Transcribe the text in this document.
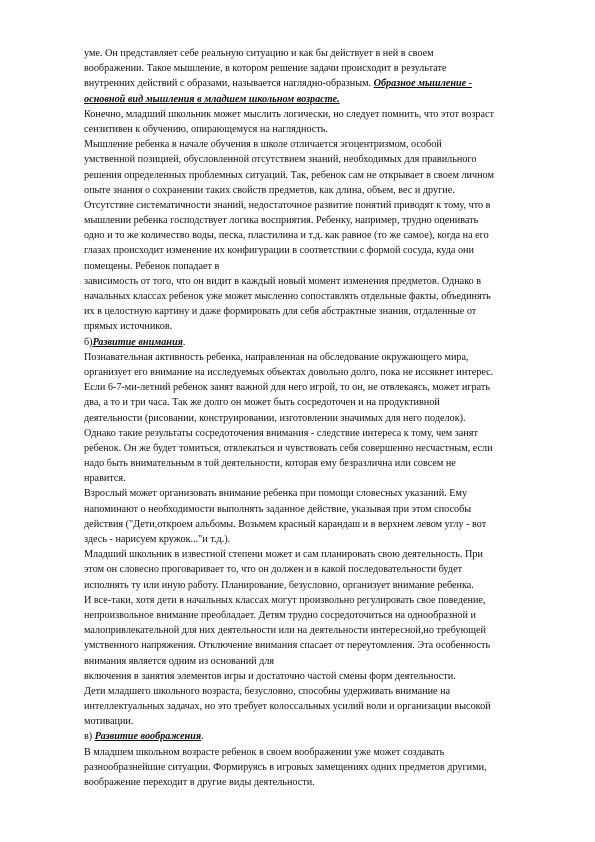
уме. Он представляет себе реальную ситуацию и как бы действует в ней в своем
воображении. Такое мышление, в котором решение задачи происходит в результате
внутренних действий с образами, называется наглядно-образным. Образное мышление -
основной вид мышления в младшем школьном возрасте.
Конечно, младший школьник может мыслить логически, но следует помнить, что этот возраст
сензитивен к обучению, опирающемуся на наглядность.
Мышление ребенка в начале обучения в школе отличается эгоцентризмом, особой
умственной позицией, обусловленной отсутствием знаний, необходимых для правильного
решения определенных проблемных ситуаций. Так, ребенок сам не открывает в своем личном
опыте знания о сохранении таких свойств предметов, как длина, объем, вес и другие.
Отсутствие систематичности знаний, недостаточное развитие понятий приводят к тому, что в
мышлении ребенка господствует логика восприятия. Ребенку, например, трудно оценивать
одно и то же количество воды, песка, пластилина и т.д. как равное (то же самое), когда на его
глазах происходит изменение их конфигурации в соответствии с формой сосуда, куда они
помещены. Ребенок попадает в
зависимость от того, что он видит в каждый новый момент изменения предметов. Однако в
начальных классах ребенок уже может мысленно сопоставлять отдельные факты, объединять
их в целостную картину и даже формировать для себя абстрактные знания, отдаленные от
прямых источников.
б)Развитие внимания.
Познавательная активность ребенка, направленная на обследование окружающего мира,
организует его внимание на исследуемых объектах довольно долго, пока не иссякнет интерес.
Если 6-7-ми-летний ребенок занят важной для него игрой, то он, не отвлекаясь, может играть
два, а то и три часа. Так же долго он может быть сосредоточен и на продуктивной
деятельности (рисовании, конструировании, изготовлении значимых для него поделок).
Однако такие результаты сосредоточения внимания - следствие интереса к тому, чем занят
ребенок. Он же будет томиться, отвлекаться и чувствовать себя совершенно несчастным, если
надо быть внимательным в той деятельности, которая ему безразлична или совсем не
нравится.
Взрослый может организовать внимание ребенка при помощи словесных указаний. Ему
напоминают о необходимости выполнять заданное действие, указывая при этом способы
действия ("Дети,откроем альбомы. Возьмем красный карандаш и в верхнем левом углу - вот
здесь - нарисуем кружок..."и т.д.).
Младший школьник в известной степени может и сам планировать свою деятельность. При
этом он словесно проговаривает то, что он должен и в какой последовательности будет
исполнять ту или иную работу. Планирование, безусловно, организует внимание ребенка.
И все-таки, хотя дети в начальных классах могут произвольно регулировать свое поведение,
непроизвольное внимание преобладает. Детям трудно сосредоточиться на однообразной и
малопривлекательной для них деятельности или на деятельности интересной,но требующей
умственного напряжения. Отключение внимания спасает от переутомления. Эта особенность
внимания является одним из оснований для
включения в занятия элементов игры и достаточно частой смены форм деятельности.
Дети младшего школьного возраста, безусловно, способны удерживать внимание на
интеллектуальных задачах, но это требует колоссальных усилий воли и организации высокой
мотивации.
в) Развитие воображения.
В младшем школьном возрасте ребенок в своем воображении уже может создавать
разнообразнейшие ситуации. Формируясь в игровых замещениях одних предметов другими,
воображение переходит в другие виды деятельности.
